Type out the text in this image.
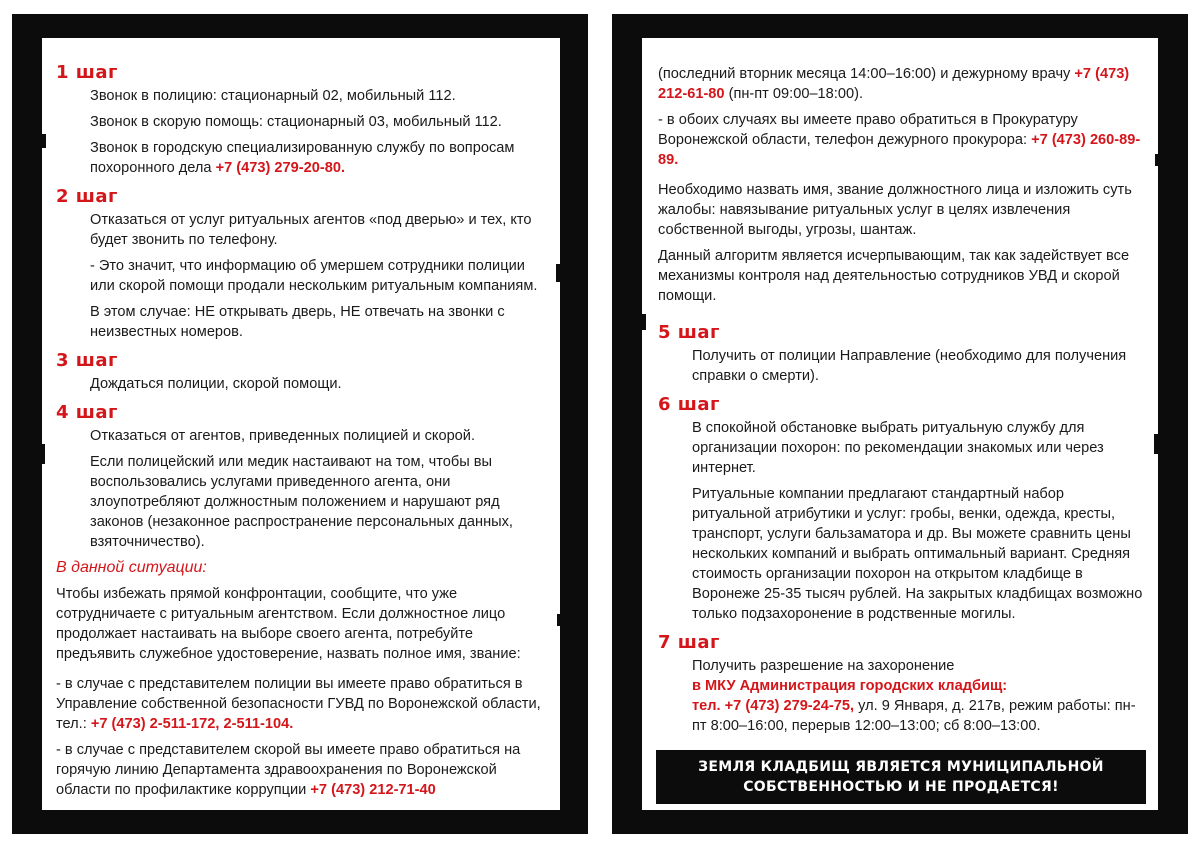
1 шаг

Звонок в полицию: стационарный 02, мобильный 112.

Звонок в скорую помощь: стационарный 03, мобильный 112.

Звонок в городскую специализированную службу по вопросам похоронного дела +7 (473) 279-20-80.

2 шаг

Отказаться от услуг ритуальных агентов «под дверью» и тех, кто будет звонить по телефону.

- Это значит, что информацию об умершем сотрудники полиции или скорой помощи продали нескольким ритуальным компаниям.

В этом случае: НЕ открывать дверь, НЕ отвечать на звонки с неизвестных номеров.

3 шаг

Дождаться полиции, скорой помощи.

4 шаг

Отказаться от агентов, приведенных полицией и скорой.

Если полицейский или медик настаивают на том, чтобы вы воспользовались услугами приведенного агента, они злоупотребляют должностным положением и нарушают ряд законов (незаконное распространение персональных данных, взяточничество).

В данной ситуации:

Чтобы избежать прямой конфронтации, сообщите, что уже сотрудничаете с ритуальным агентством. Если должностное лицо продолжает настаивать на выборе своего агента, потребуйте предъявить служебное удостоверение, назвать полное имя, звание:

- в случае с представителем полиции вы имеете право обратиться в Управление собственной безопасности ГУВД по Воронежской области, тел.: +7 (473) 2-511-172, 2-511-104.

- в случае с представителем скорой вы имеете право обратиться на горячую линию Департамента здравоохранения по Воронежской области по профилактике коррупции +7 (473) 212-71-40

(последний вторник месяца 14:00–16:00) и дежурному врачу +7 (473) 212-61-80 (пн-пт 09:00–18:00).

- в обоих случаях вы имеете право обратиться в Прокуратуру Воронежской области, телефон дежурного прокурора: +7 (473) 260-89-89.

Необходимо назвать имя, звание должностного лица и изложить суть жалобы: навязывание ритуальных услуг в целях извлечения собственной выгоды, угрозы, шантаж.

Данный алгоритм является исчерпывающим, так как задействует все механизмы контроля над деятельностью сотрудников УВД и скорой помощи.

5 шаг

Получить от полиции Направление (необходимо для получения справки о смерти).

6 шаг

В спокойной обстановке выбрать ритуальную службу для организации похорон: по рекомендации знакомых или через интернет.

Ритуальные компании предлагают стандартный набор ритуальной атрибутики и услуг: гробы, венки, одежда, кресты, транспорт, услуги бальзаматора и др. Вы можете сравнить цены нескольких компаний и выбрать оптимальный вариант. Средняя стоимость организации похорон на открытом кладбище в Воронеже 25-35 тысяч рублей. На закрытых кладбищах возможно только подзахоронение в родственные могилы.

7 шаг

Получить разрешение на захоронение
в МКУ Администрация городских кладбищ:
тел. +7 (473) 279-24-75, ул. 9 Января, д. 217в, режим работы: пн-пт 8:00–16:00, перерыв 12:00–13:00; сб 8:00–13:00.

ЗЕМЛЯ КЛАДБИЩ ЯВЛЯЕТСЯ МУНИЦИПАЛЬНОЙ
СОБСТВЕННОСТЬЮ И НЕ ПРОДАЕТСЯ!
